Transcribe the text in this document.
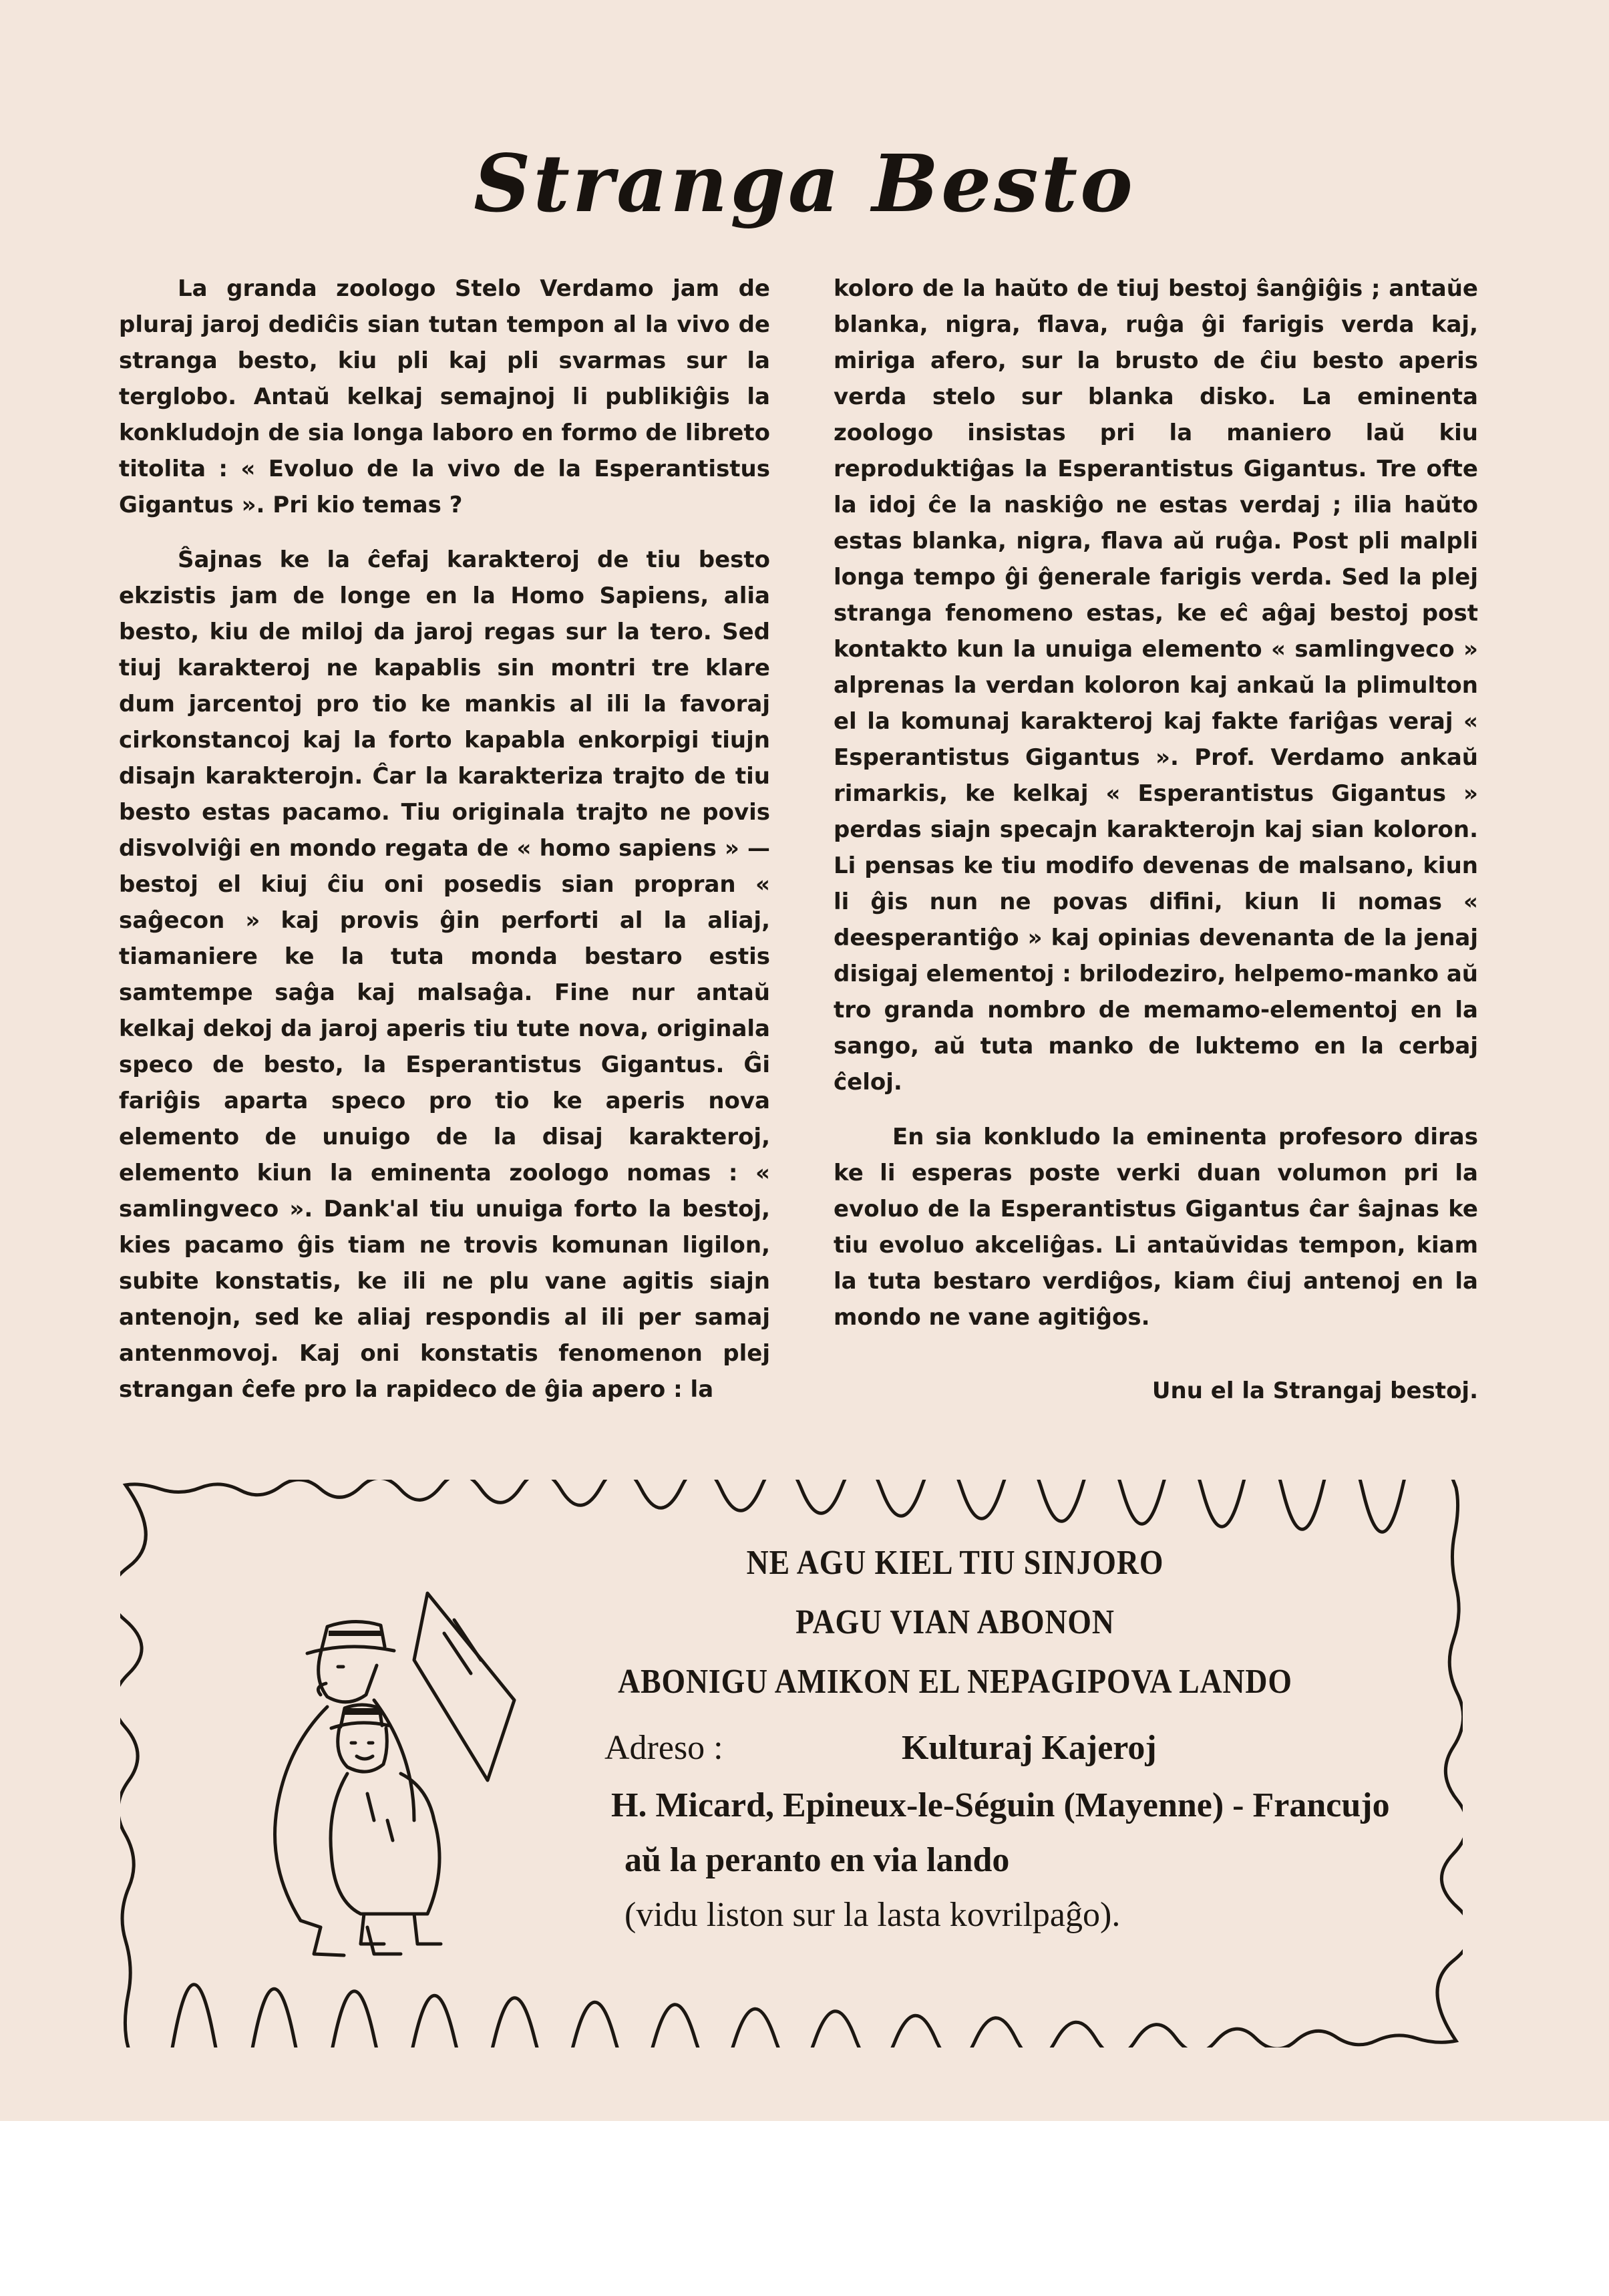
Stranga Besto

La granda zoologo Stelo Verdamo jam de pluraj jaroj dediĉis sian tutan tempon al la vivo de stranga besto, kiu pli kaj pli svarmas sur la terglobo. Antaŭ kelkaj semajnoj li publikiĝis la konkludojn de sia longa laboro en formo de libreto titolita : « Evoluo de la vivo de la Esperantistus Gigantus ». Pri kio temas ?

Ŝajnas ke la ĉefaj karakteroj de tiu besto ekzistis jam de longe en la Homo Sapiens, alia besto, kiu de miloj da jaroj regas sur la tero. Sed tiuj karakteroj ne kapablis sin montri tre klare dum jarcentoj pro tio ke mankis al ili la favoraj cirkonstancoj kaj la forto kapabla enkorpigi tiujn disajn karakterojn. Ĉar la karakteriza trajto de tiu besto estas pacamo. Tiu originala trajto ne povis disvolviĝi en mondo regata de « homo sapiens » — bestoj el kiuj ĉiu oni posedis sian propran « saĝecon » kaj provis ĝin perforti al la aliaj, tiamaniere ke la tuta monda bestaro estis samtempe saĝa kaj malsaĝa. Fine nur antaŭ kelkaj dekoj da jaroj aperis tiu tute nova, originala speco de besto, la Esperantistus Gigantus. Ĝi fariĝis aparta speco pro tio ke aperis nova elemento de unuigo de la disaj karakteroj, elemento kiun la eminenta zoologo nomas : « samlingveco ». Dank'al tiu unuiga forto la bestoj, kies pacamo ĝis tiam ne trovis komunan ligilon, subite konstatis, ke ili ne plu vane agitis siajn antenojn, sed ke aliaj respondis al ili per samaj antenmovoj. Kaj oni konstatis fenomenon plej strangan ĉefe pro la rapideco de ĝia apero : la

koloro de la haŭto de tiuj bestoj ŝanĝiĝis ; antaŭe blanka, nigra, flava, ruĝa ĝi farigis verda kaj, miriga afero, sur la brusto de ĉiu besto aperis verda stelo sur blanka disko. La eminenta zoologo insistas pri la maniero laŭ kiu reproduktiĝas la Esperantistus Gigantus. Tre ofte la idoj ĉe la naskiĝo ne estas verdaj ; ilia haŭto estas blanka, nigra, flava aŭ ruĝa. Post pli malpli longa tempo ĝi ĝenerale farigis verda. Sed la plej stranga fenomeno estas, ke eĉ aĝaj bestoj post kontakto kun la unuiga elemento « samlingveco » alprenas la verdan koloron kaj ankaŭ la plimulton el la komunaj karakteroj kaj fakte fariĝas veraj « Esperantistus Gigantus ». Prof. Verdamo ankaŭ rimarkis, ke kelkaj « Esperantistus Gigantus » perdas siajn specajn karakterojn kaj sian koloron. Li pensas ke tiu modifo devenas de malsano, kiun li ĝis nun ne povas difini, kiun li nomas « deesperantiĝo » kaj opinias devenanta de la jenaj disigaj elementoj : brilodeziro, helpemo-manko aŭ tro granda nombro de memamo-elementoj en la sango, aŭ tuta manko de luktemo en la cerbaj ĉeloj.

En sia konkludo la eminenta profesoro diras ke li esperas poste verki duan volumon pri la evoluo de la Esperantistus Gigantus ĉar ŝajnas ke tiu evoluo akceliĝas. Li antaŭvidas tempon, kiam la tuta bestaro verdiĝos, kiam ĉiuj antenoj en la mondo ne vane agitiĝos.

Unu el la Strangaj bestoj.

NE AGU KIEL TIU SINJORO

PAGU VIAN ABONON

ABONIGU AMIKON EL NEPAGIPOVA LANDO

Adreso :	Kulturaj Kajeroj

H. Micard, Epineux-le-Séguin (Mayenne) - Francujo

aŭ la peranto en via lando

(vidu liston sur la lasta kovrilpaĝo).
